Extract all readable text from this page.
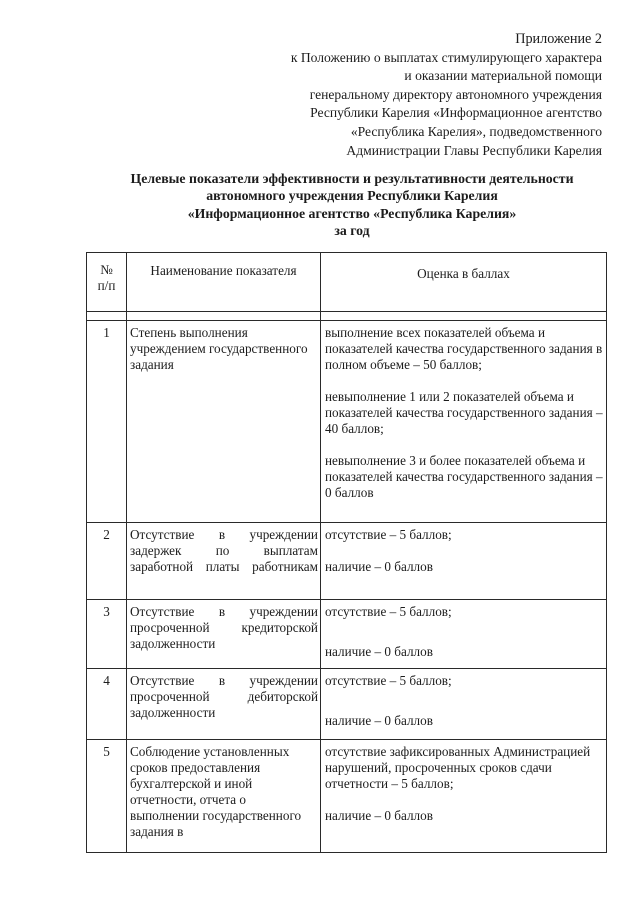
Приложение 2
к Положению о выплатах стимулирующего характера
и оказании материальной помощи
генеральному директору автономного учреждения
Республики Карелия «Информационное агентство
«Республика Карелия», подведомственного
Администрации Главы Республики Карелия
Целевые показатели эффективности и результативности деятельности
автономного учреждения Республики Карелия
«Информационное агентство «Республика Карелия»
за год
№
п/п	Наименование показателя	Оценка в баллах

1	Степень выполнения учреждением государственного задания	выполнение всех показателей объема и показателей качества государственного задания в полном объеме – 50 баллов;

невыполнение 1 или 2 показателей объема и показателей качества государственного задания – 40 баллов;

невыполнение 3 и более показателей объема и показателей качества государственного задания – 0 баллов

2	Отсутствие в учреждении задержек по выплатам заработной платы работникам	отсутствие – 5 баллов;

наличие – 0 баллов

3	Отсутствие в учреждении просроченной кредиторской задолженности	отсутствие – 5 баллов;

наличие – 0 баллов

4	Отсутствие в учреждении просроченной дебиторской задолженности	отсутствие – 5 баллов;

наличие – 0 баллов

5	Соблюдение установленных сроков предоставления бухгалтерской и иной отчетности, отчета о выполнении государственного задания в	отсутствие зафиксированных Администрацией нарушений, просроченных сроков сдачи отчетности – 5 баллов;

наличие – 0 баллов
